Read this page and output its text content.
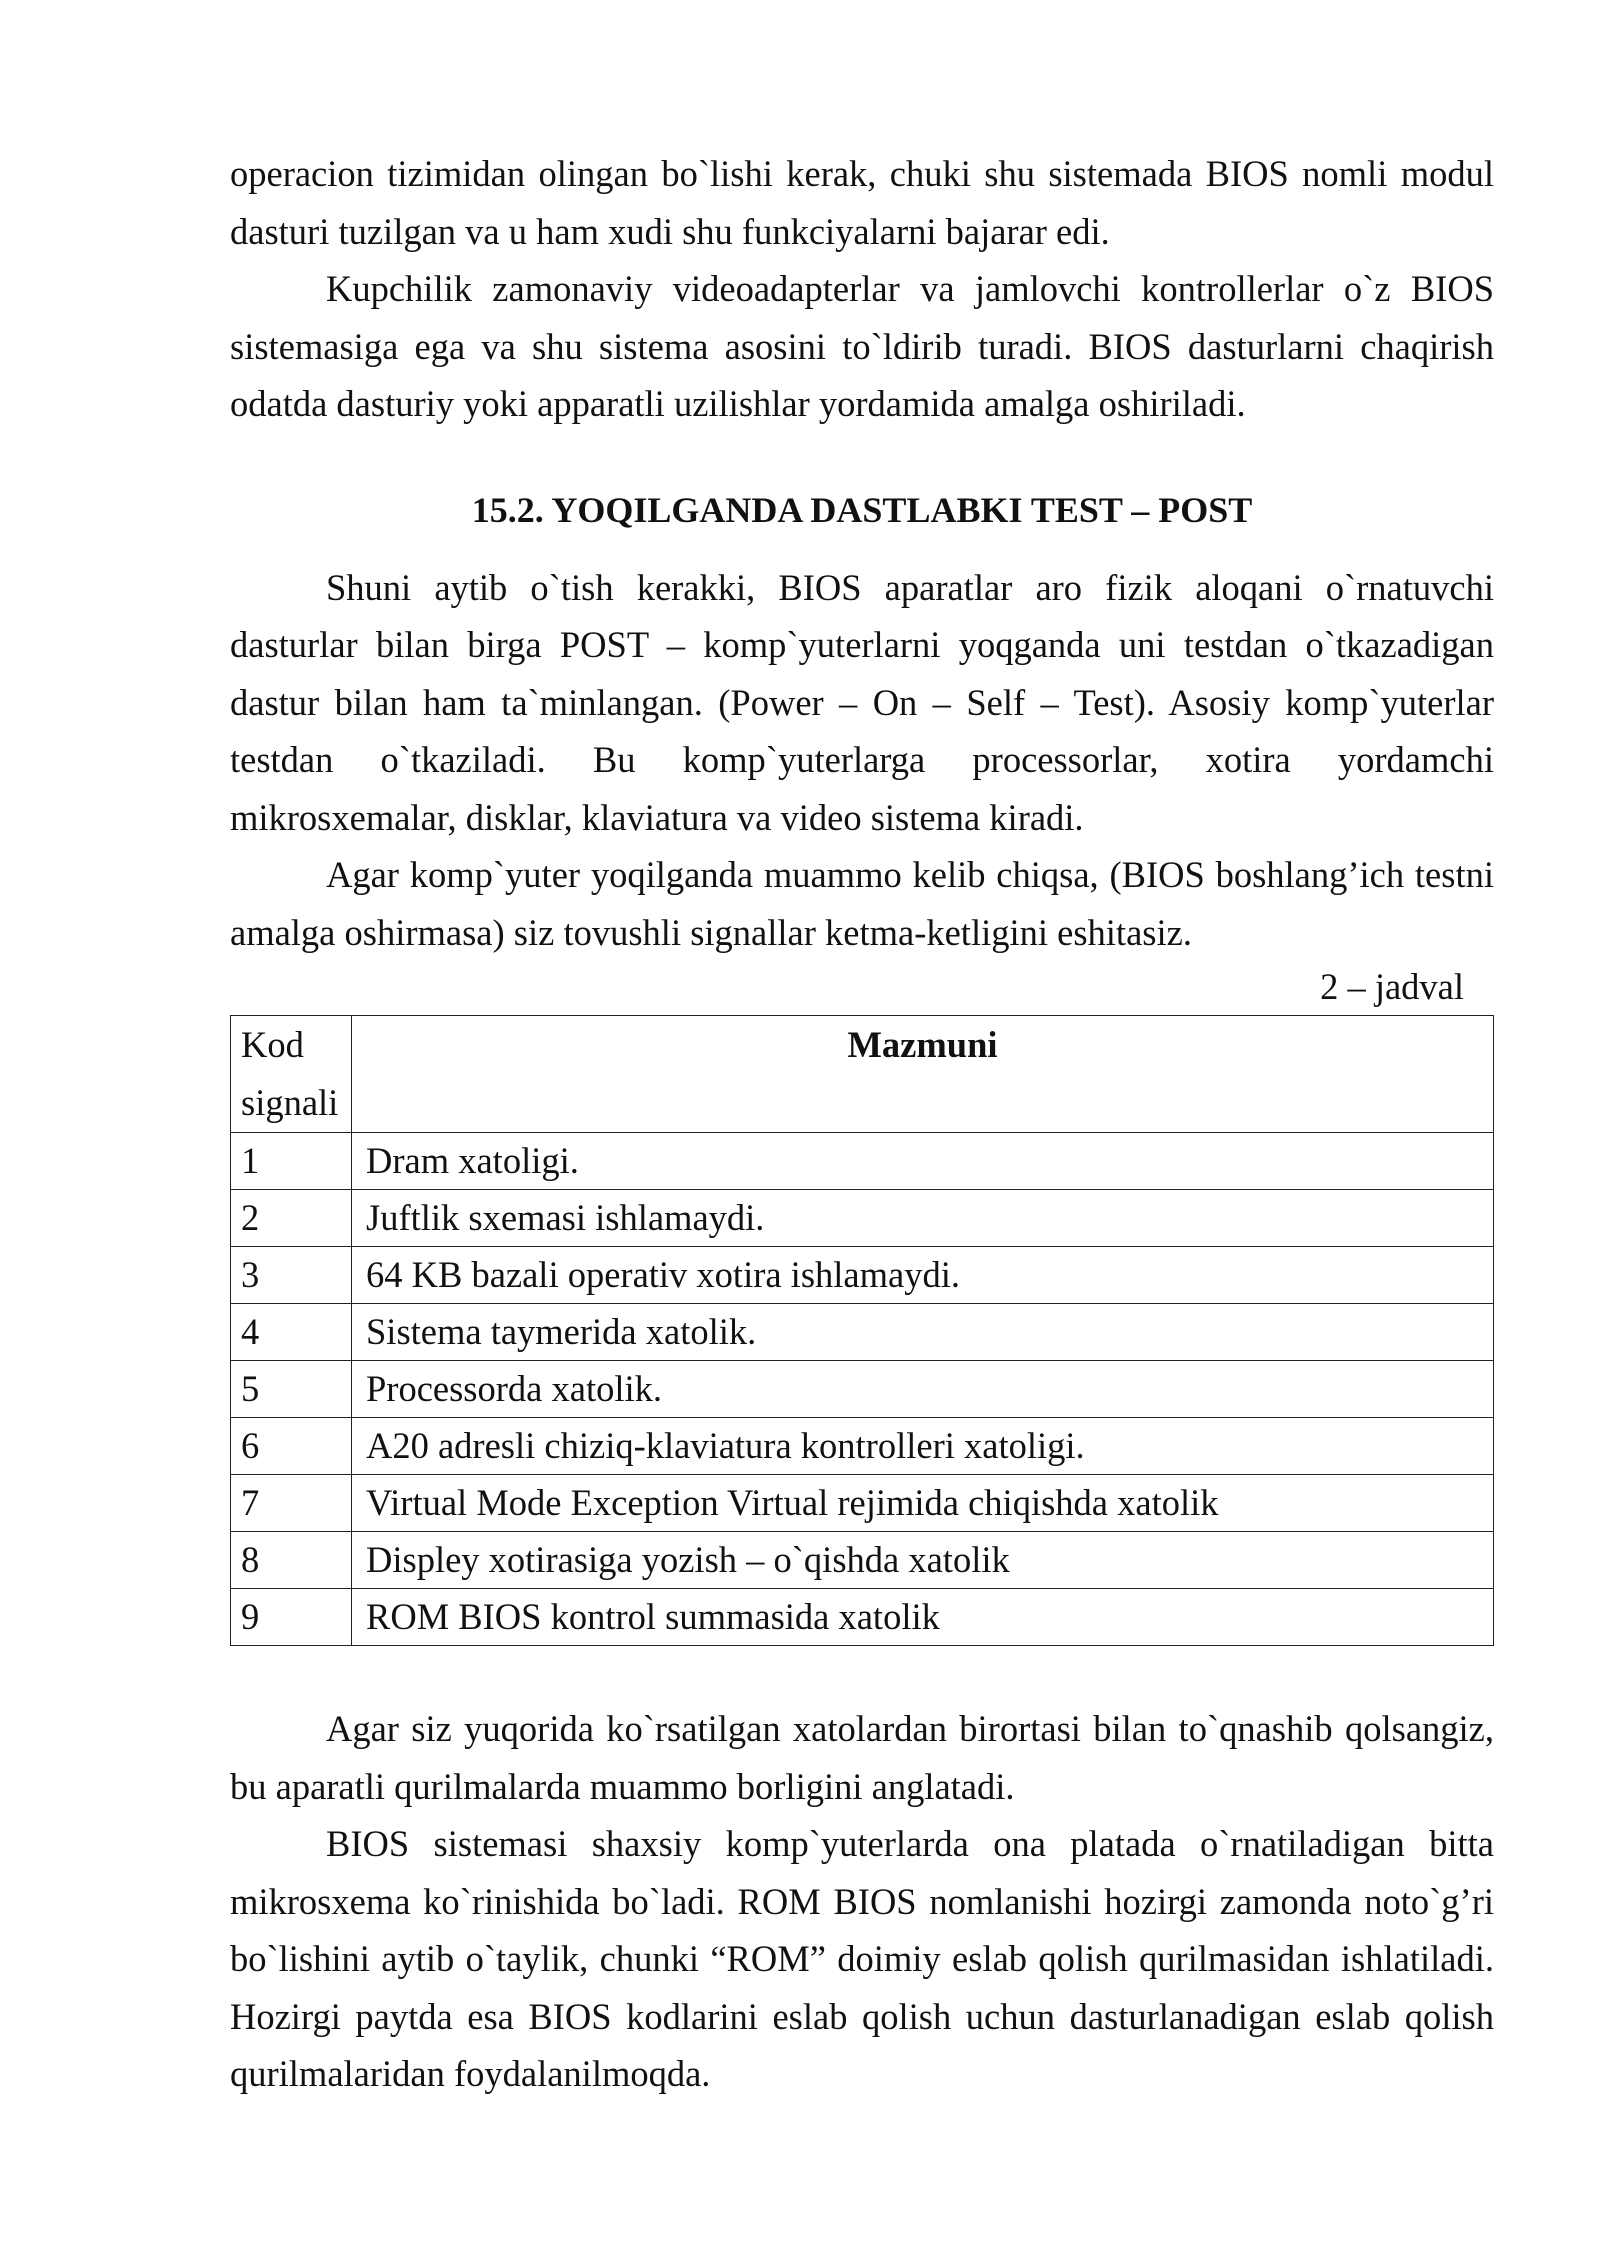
operacion tizimidan olingan bo`lishi kerak, chuki shu sistemada BIOS nomli modul dasturi tuzilgan va u ham xudi shu funkciyalarni bajarar edi.

Kupchilik zamonaviy videoadapterlar va jamlovchi kontrollerlar o`z BIOS sistemasiga ega va shu sistema asosini to`ldirib turadi. BIOS dasturlarni chaqirish odatda dasturiy yoki apparatli uzilishlar yordamida amalga oshiriladi.

15.2. YOQILGANDA DASTLABKI TEST – POST

Shuni aytib o`tish kerakki, BIOS aparatlar aro fizik aloqani o`rnatuvchi dasturlar bilan birga POST – komp`yuterlarni yoqganda uni testdan o`tkazadigan dastur bilan ham ta`minlangan. (Power – On – Self – Test). Asosiy komp`yuterlar testdan o`tkaziladi. Bu komp`yuterlarga processorlar, xotira yordamchi mikrosxemalar, disklar, klaviatura va video sistema kiradi.

Agar komp`yuter yoqilganda muammo kelib chiqsa, (BIOS boshlang’ich testni amalga oshirmasa) siz tovushli signallar ketma-ketligini eshitasiz.

2 – jadval
Kod signali	Mazmuni
1	Dram xatoligi.
2	Juftlik sxemasi ishlamaydi.
3	64 KB bazali operativ xotira ishlamaydi.
4	Sistema taymerida xatolik.
5	Processorda xatolik.
6	A20 adresli chiziq-klaviatura kontrolleri xatoligi.
7	Virtual Mode Exception Virtual rejimida chiqishda xatolik
8	Displey xotirasiga yozish – o`qishda xatolik
9	ROM BIOS kontrol summasida xatolik

Agar siz yuqorida ko`rsatilgan xatolardan birortasi bilan to`qnashib qolsangiz, bu aparatli qurilmalarda muammo borligini anglatadi.

BIOS sistemasi shaxsiy komp`yuterlarda ona platada o`rnatiladigan bitta mikrosxema ko`rinishida bo`ladi. ROM BIOS nomlanishi hozirgi zamonda noto`g’ri bo`lishini aytib o`taylik, chunki “ROM” doimiy eslab qolish qurilmasidan ishlatiladi. Hozirgi paytda esa BIOS kodlarini eslab qolish uchun dasturlanadigan eslab qolish qurilmalaridan foydalanilmoqda.
